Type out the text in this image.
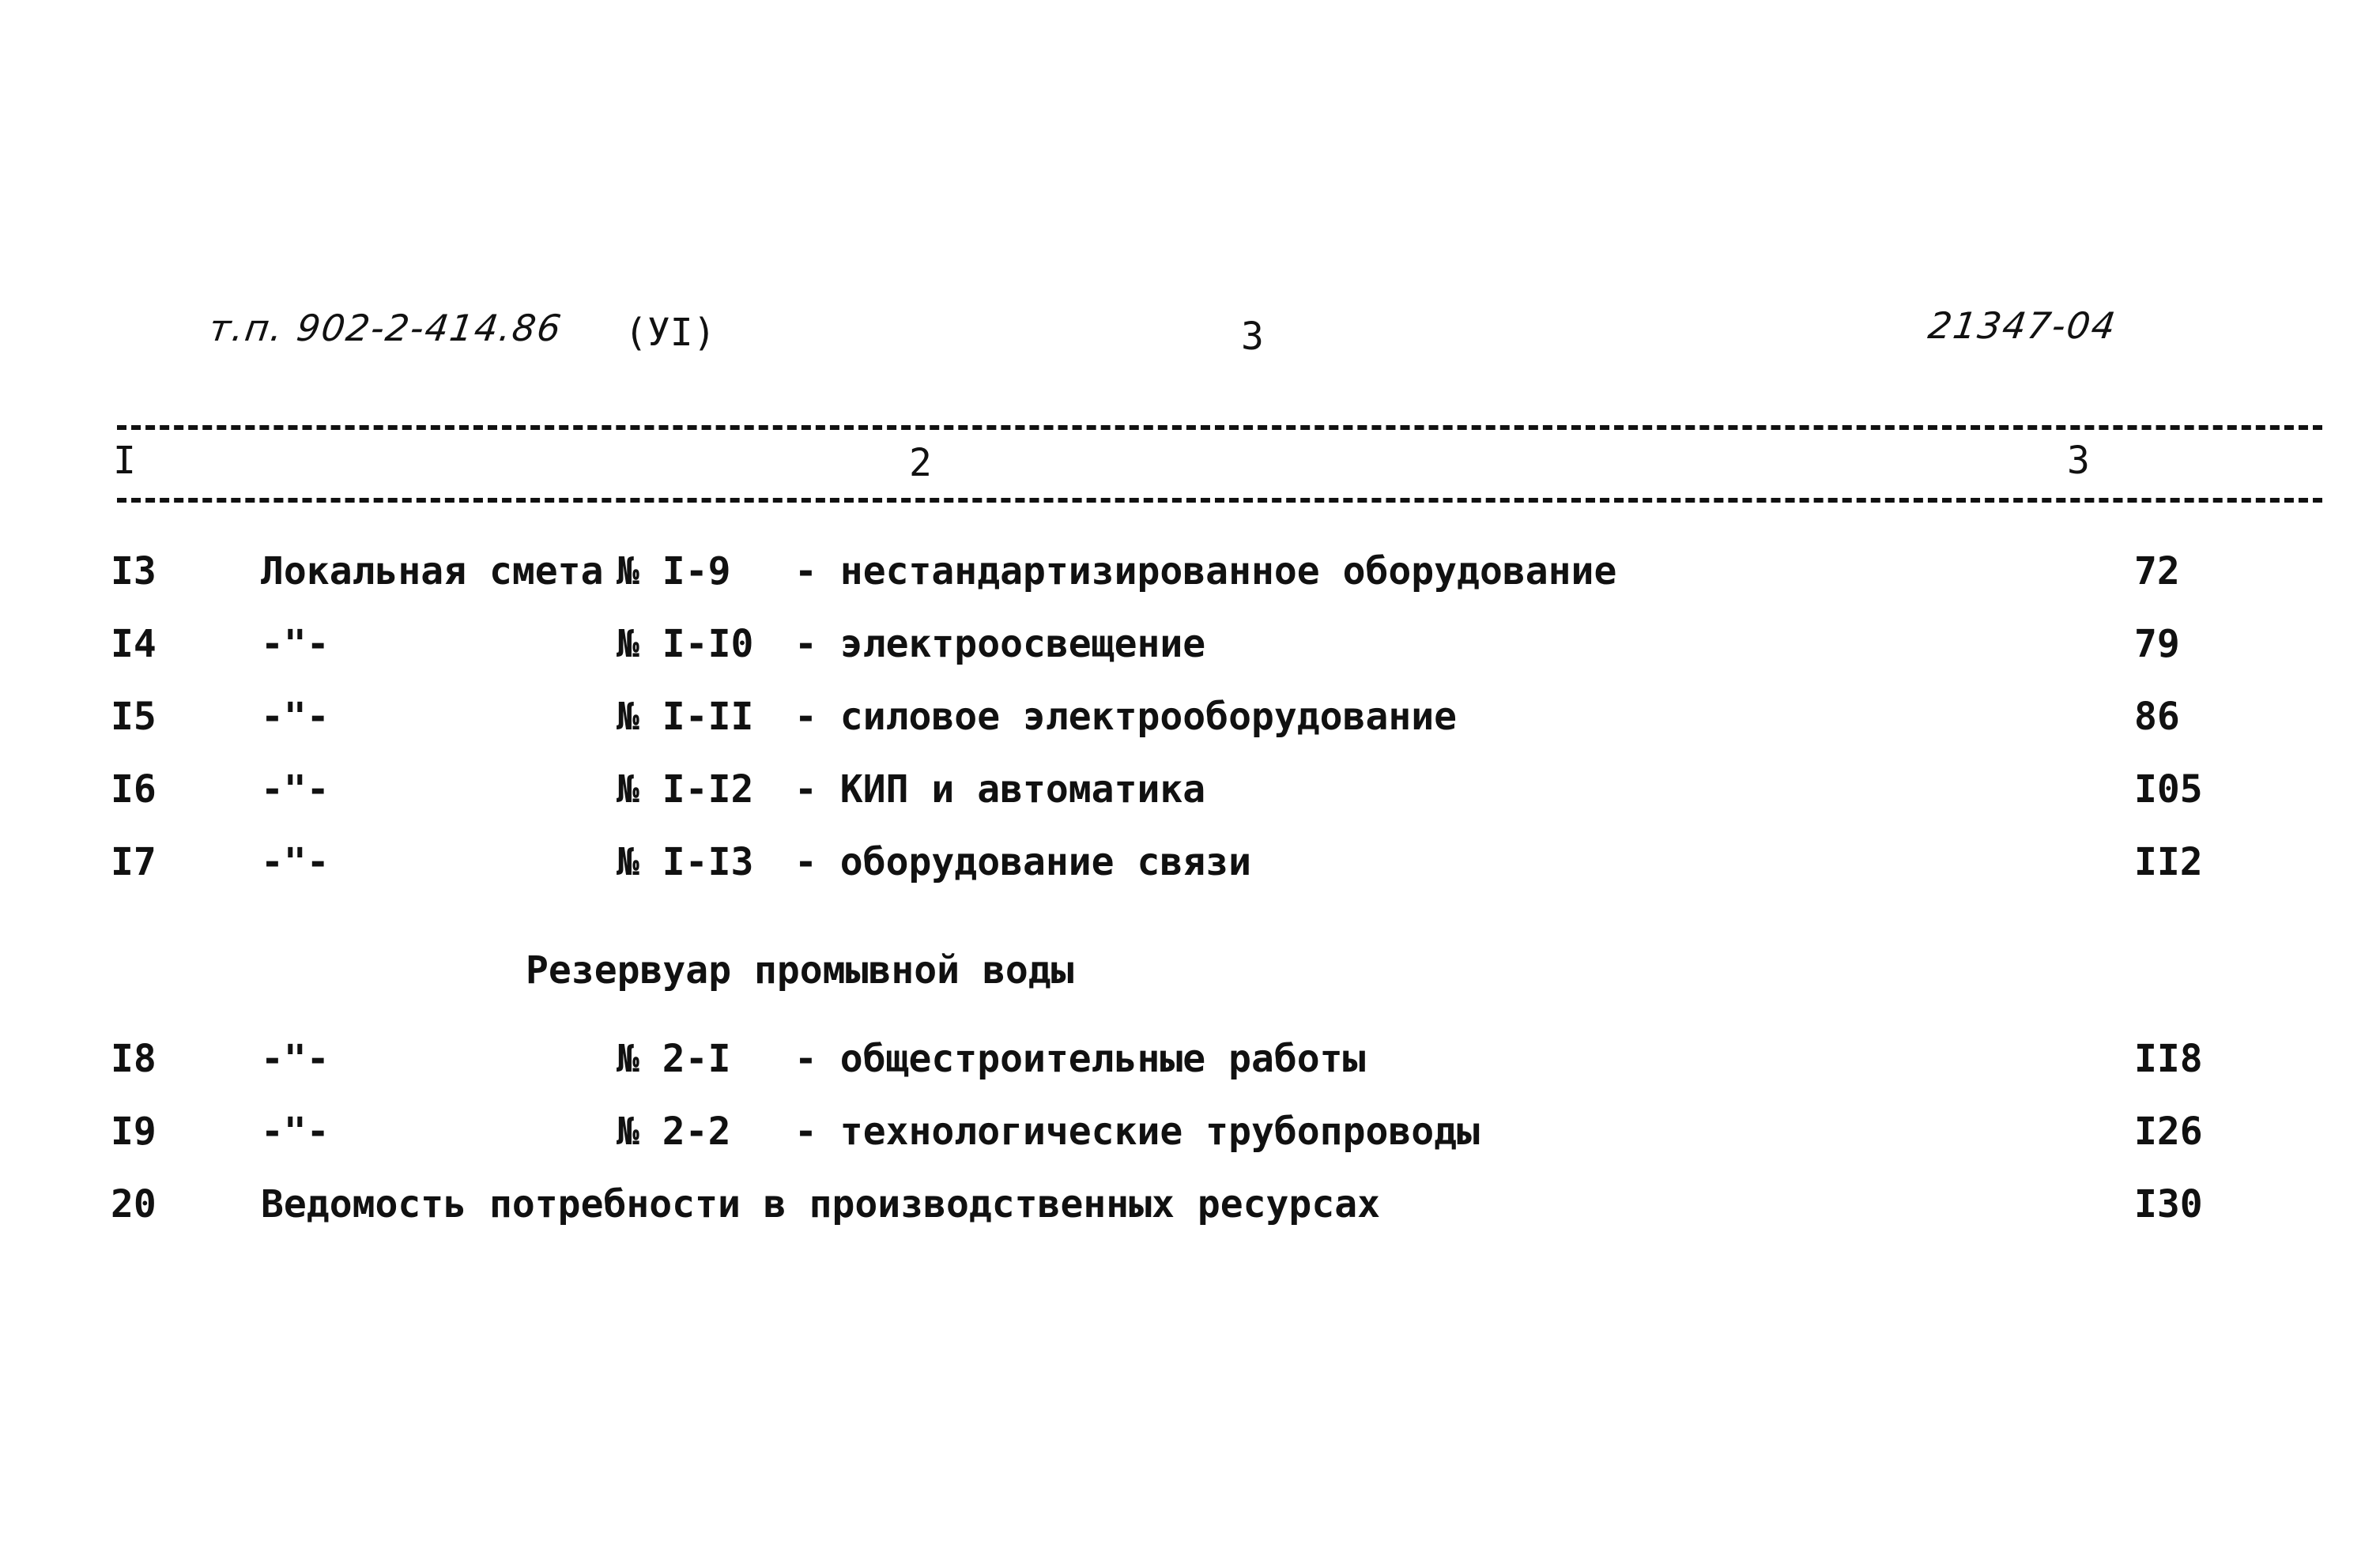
т.п. 902-2-414.86 (УI)	3	21347-04
I	2	3
I3	Локальная смета № I-9 - нестандартизированное оборудование	72
I4	-"-	№ I-I0 - электроосвещение	79
I5	-"-	№ I-II - силовое электрооборудование	86
I6	-"-	№ I-I2 - КИП и автоматика	I05
I7	-"-	№ I-I3 - оборудование связи	II2
Резервуар промывной воды
I8	-"-	№ 2-I - общестроительные работы	II8
I9	-"-	№ 2-2 - технологические трубопроводы	I26
20	Ведомость потребности в производственных ресурсах	I30
